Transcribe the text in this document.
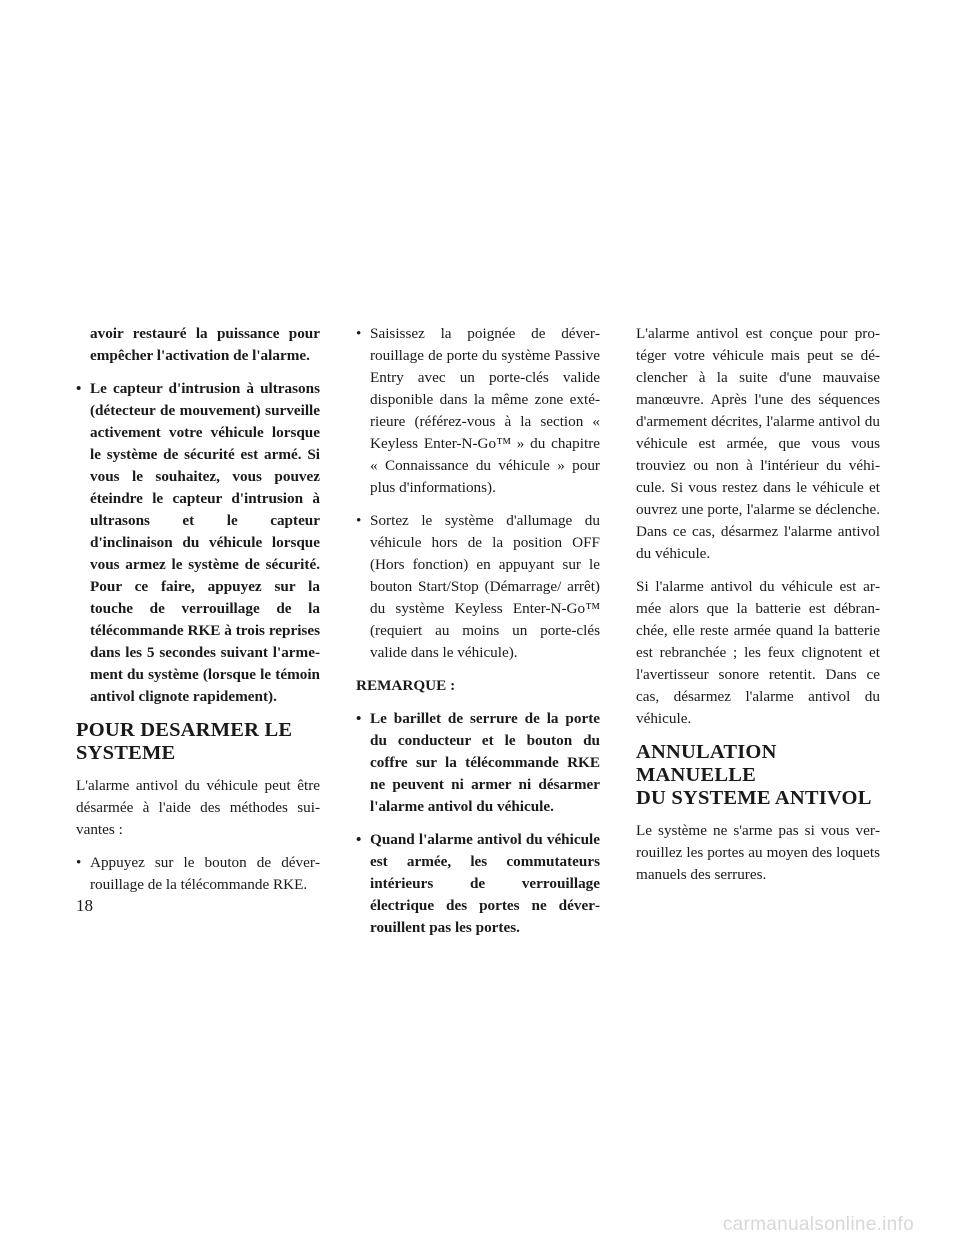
avoir restauré la puissance pour empêcher l'activation de l'alarme.

• Le capteur d'intrusion à ultrasons (détecteur de mouvement) surveille activement votre véhicule lorsque le système de sécurité est armé. Si vous le souhaitez, vous pouvez éteindre le capteur d'intrusion à ultrasons et le capteur d'inclinaison du véhicule lorsque vous armez le système de sécurité. Pour ce faire, appuyez sur la touche de verrouillage de la télécommande RKE à trois reprises dans les 5 secondes suivant l'armement du système (lorsque le témoin antivol clignote rapidement).
POUR DESARMER LE
SYSTEME

L'alarme antivol du véhicule peut être désarmée à l'aide des méthodes suivantes :

• Appuyez sur le bouton de déverrouillage de la télécommande RKE.
• Saisissez la poignée de déverrouillage de porte du système Passive Entry avec un porte-clés valide disponible dans la même zone extérieure (référez-vous à la section « Keyless Enter-N-Go™ » du chapitre « Connaissance du véhicule » pour plus d'informations).
• Sortez le système d'allumage du véhicule hors de la position OFF (Hors fonction) en appuyant sur le bouton Start/Stop (Démarrage/ arrêt) du système Keyless Enter-N-Go™ (requiert au moins un porte-clés valide dans le véhicule).
REMARQUE :
• Le barillet de serrure de la porte du conducteur et le bouton du coffre sur la télécommande RKE ne peuvent ni armer ni désarmer l'alarme antivol du véhicule.
• Quand l'alarme antivol du véhicule est armée, les commutateurs intérieurs de verrouillage électrique des portes ne déverrouillent pas les portes.

L'alarme antivol est conçue pour protéger votre véhicule mais peut se déclencher à la suite d'une mauvaise manœuvre. Après l'une des séquences d'armement décrites, l'alarme antivol du véhicule est armée, que vous vous trouviez ou non à l'intérieur du véhicule. Si vous restez dans le véhicule et ouvrez une porte, l'alarme se déclenche. Dans ce cas, désarmez l'alarme antivol du véhicule.

Si l'alarme antivol du véhicule est armée alors que la batterie est débranchée, elle reste armée quand la batterie est rebranchée ; les feux clignotent et l'avertisseur sonore retentit. Dans ce cas, désarmez l'alarme antivol du véhicule.

ANNULATION MANUELLE
DU SYSTEME ANTIVOL

Le système ne s'arme pas si vous verrouillez les portes au moyen des loquets manuels des serrures.

18
carmanualsonline.info
